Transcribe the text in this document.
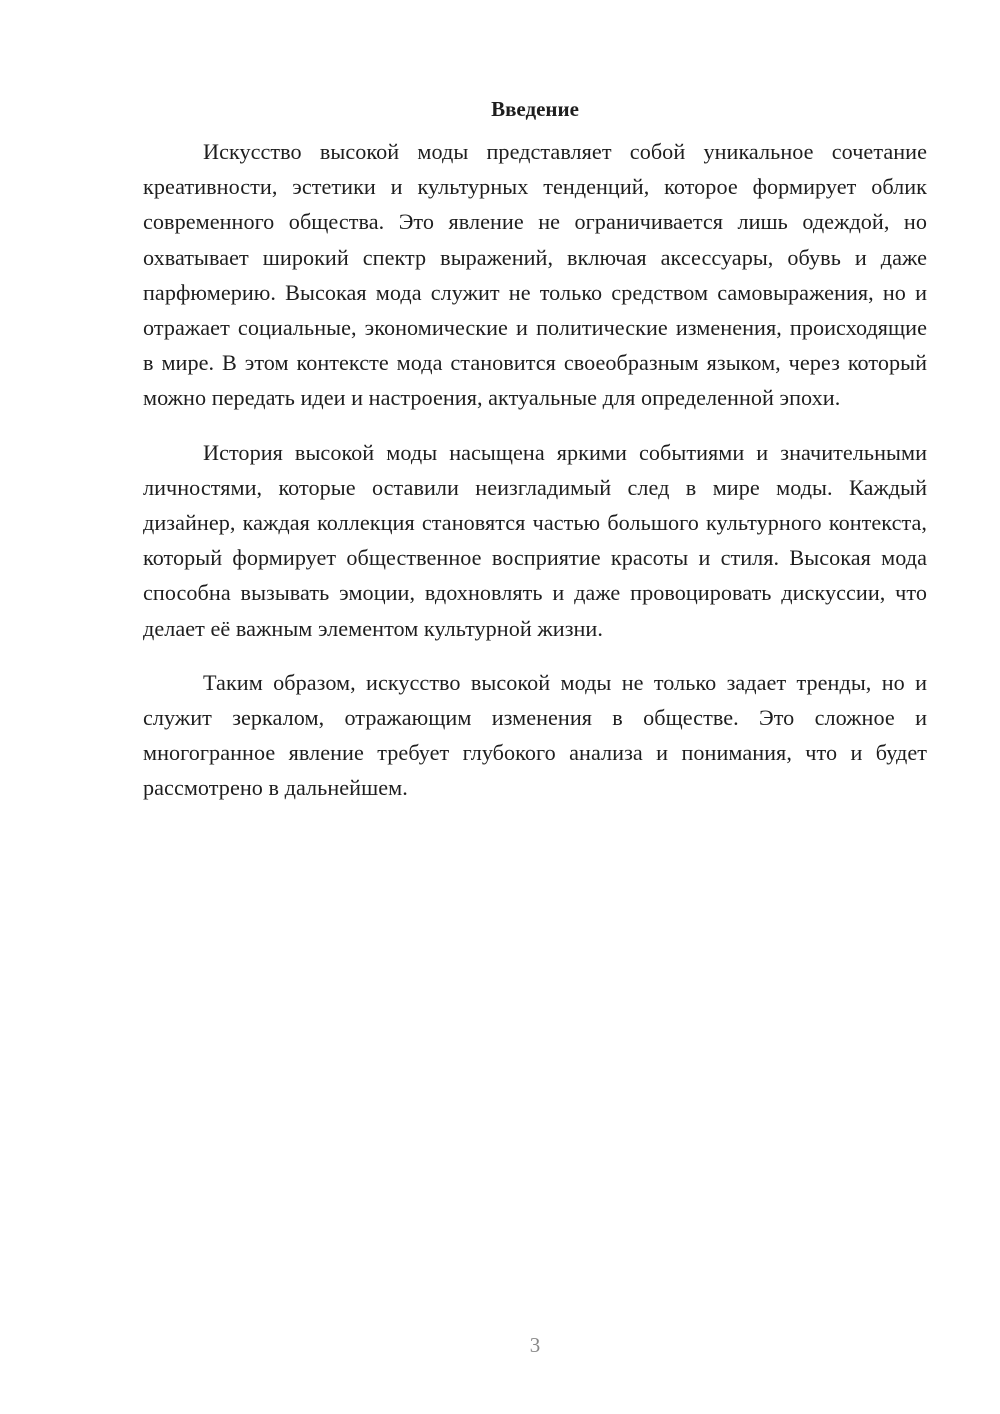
Введение

Искусство высокой моды представляет собой уникальное сочетание креативности, эстетики и культурных тенденций, которое формирует облик современного общества. Это явление не ограничивается лишь одеждой, но охватывает широкий спектр выражений, включая аксессуары, обувь и даже парфюмерию. Высокая мода служит не только средством самовыражения, но и отражает социальные, экономические и политические изменения, происходящие в мире. В этом контексте мода становится своеобразным языком, через который можно передать идеи и настроения, актуальные для определенной эпохи.

История высокой моды насыщена яркими событиями и значительными личностями, которые оставили неизгладимый след в мире моды. Каждый дизайнер, каждая коллекция становятся частью большого культурного контекста, который формирует общественное восприятие красоты и стиля. Высокая мода способна вызывать эмоции, вдохновлять и даже провоцировать дискуссии, что делает её важным элементом культурной жизни.

Таким образом, искусство высокой моды не только задает тренды, но и служит зеркалом, отражающим изменения в обществе. Это сложное и многогранное явление требует глубокого анализа и понимания, что и будет рассмотрено в дальнейшем.

3
